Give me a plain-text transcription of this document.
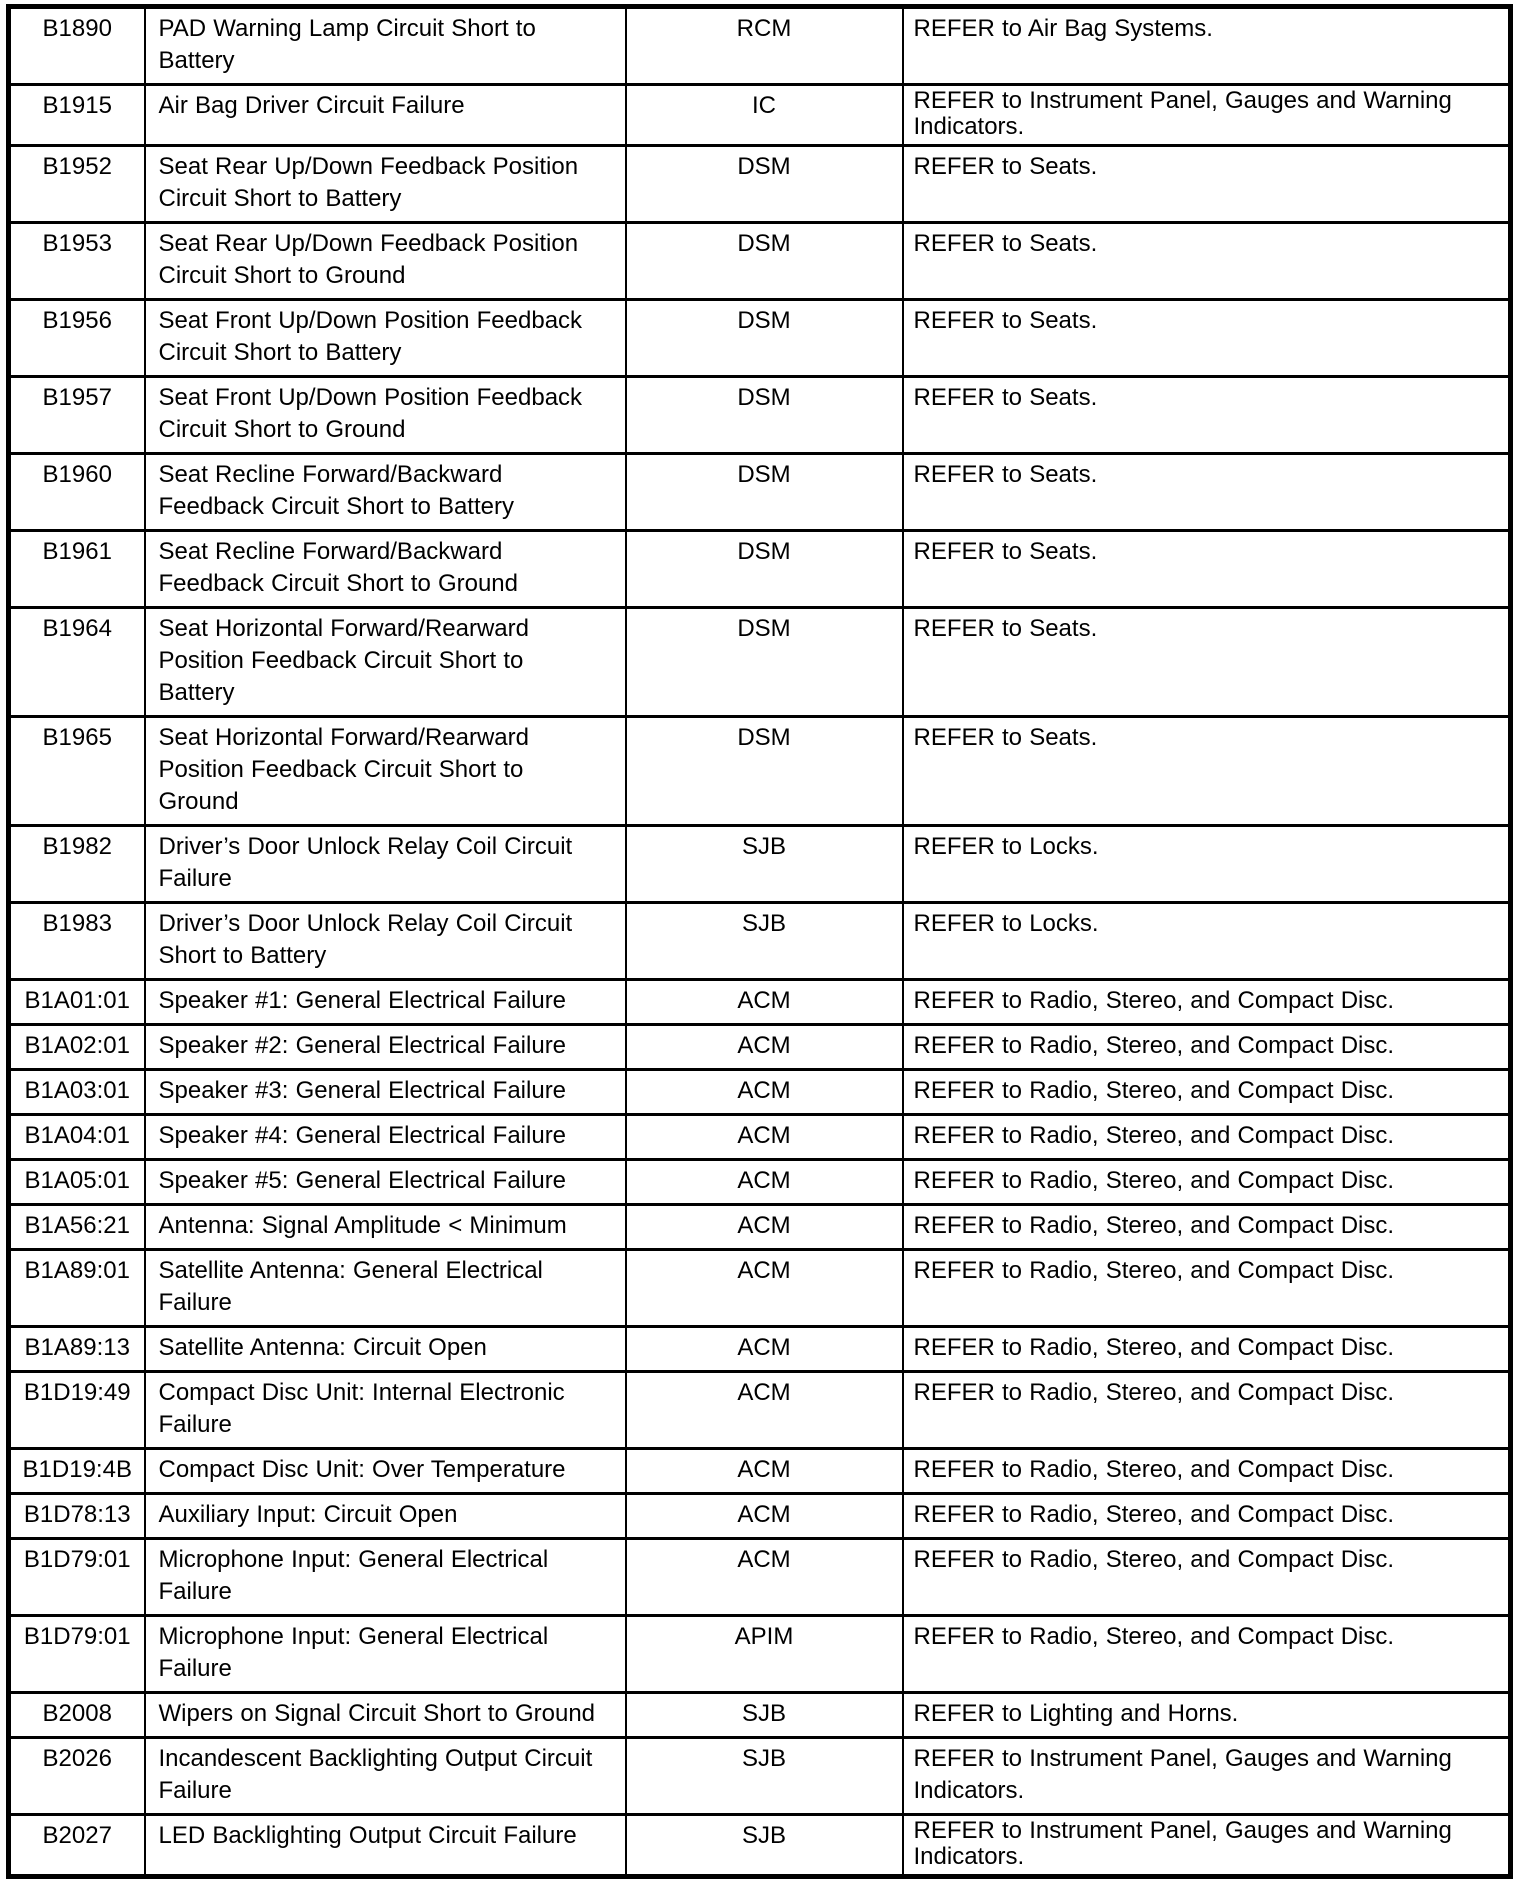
B1890	PAD Warning Lamp Circuit Short to Battery	RCM	REFER to Air Bag Systems.
B1915	Air Bag Driver Circuit Failure	IC	REFER to Instrument Panel, Gauges and Warning Indicators.
B1952	Seat Rear Up/Down Feedback Position Circuit Short to Battery	DSM	REFER to Seats.
B1953	Seat Rear Up/Down Feedback Position Circuit Short to Ground	DSM	REFER to Seats.
B1956	Seat Front Up/Down Position Feedback Circuit Short to Battery	DSM	REFER to Seats.
B1957	Seat Front Up/Down Position Feedback Circuit Short to Ground	DSM	REFER to Seats.
B1960	Seat Recline Forward/Backward Feedback Circuit Short to Battery	DSM	REFER to Seats.
B1961	Seat Recline Forward/Backward Feedback Circuit Short to Ground	DSM	REFER to Seats.
B1964	Seat Horizontal Forward/Rearward Position Feedback Circuit Short to Battery	DSM	REFER to Seats.
B1965	Seat Horizontal Forward/Rearward Position Feedback Circuit Short to Ground	DSM	REFER to Seats.
B1982	Driver’s Door Unlock Relay Coil Circuit Failure	SJB	REFER to Locks.
B1983	Driver’s Door Unlock Relay Coil Circuit Short to Battery	SJB	REFER to Locks.
B1A01:01	Speaker #1: General Electrical Failure	ACM	REFER to Radio, Stereo, and Compact Disc.
B1A02:01	Speaker #2: General Electrical Failure	ACM	REFER to Radio, Stereo, and Compact Disc.
B1A03:01	Speaker #3: General Electrical Failure	ACM	REFER to Radio, Stereo, and Compact Disc.
B1A04:01	Speaker #4: General Electrical Failure	ACM	REFER to Radio, Stereo, and Compact Disc.
B1A05:01	Speaker #5: General Electrical Failure	ACM	REFER to Radio, Stereo, and Compact Disc.
B1A56:21	Antenna: Signal Amplitude < Minimum	ACM	REFER to Radio, Stereo, and Compact Disc.
B1A89:01	Satellite Antenna: General Electrical Failure	ACM	REFER to Radio, Stereo, and Compact Disc.
B1A89:13	Satellite Antenna: Circuit Open	ACM	REFER to Radio, Stereo, and Compact Disc.
B1D19:49	Compact Disc Unit: Internal Electronic Failure	ACM	REFER to Radio, Stereo, and Compact Disc.
B1D19:4B	Compact Disc Unit: Over Temperature	ACM	REFER to Radio, Stereo, and Compact Disc.
B1D78:13	Auxiliary Input: Circuit Open	ACM	REFER to Radio, Stereo, and Compact Disc.
B1D79:01	Microphone Input: General Electrical Failure	ACM	REFER to Radio, Stereo, and Compact Disc.
B1D79:01	Microphone Input: General Electrical Failure	APIM	REFER to Radio, Stereo, and Compact Disc.
B2008	Wipers on Signal Circuit Short to Ground	SJB	REFER to Lighting and Horns.
B2026	Incandescent Backlighting Output Circuit Failure	SJB	REFER to Instrument Panel, Gauges and Warning Indicators.
B2027	LED Backlighting Output Circuit Failure	SJB	REFER to Instrument Panel, Gauges and Warning Indicators.
